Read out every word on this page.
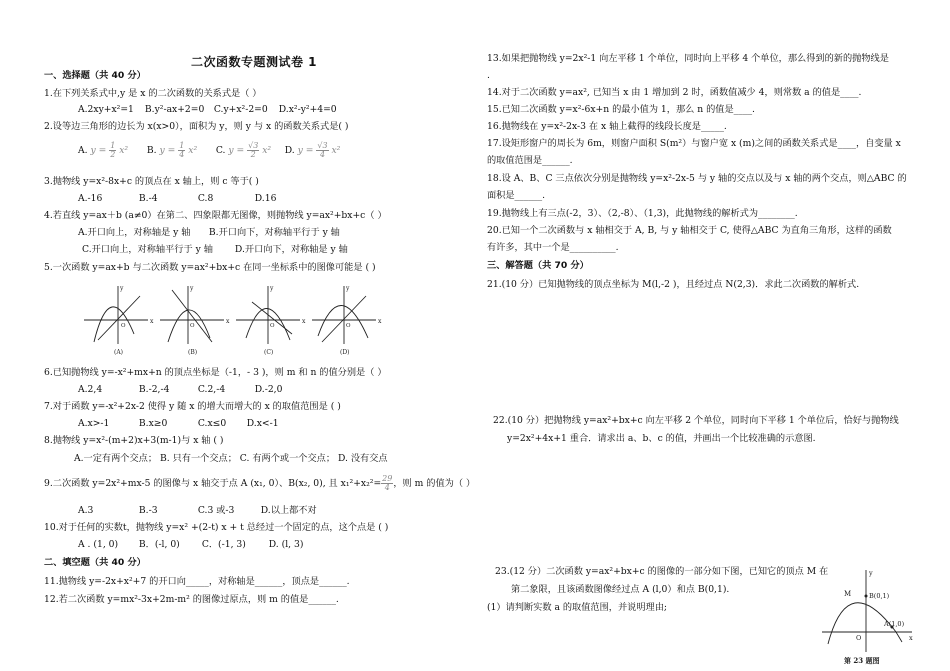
二次函数专题测试卷 1
一、选择题（共 40 分）
1.在下列关系式中,y 是 x 的二次函数的关系式是（ ）
A.2xy+x²=1 B.y²-ax+2=0 C.y+x²-2=0 D.x²-y²+4=0
2.设等边三角形的边长为 x(x>0），面积为 y，则 y 与 x 的函数关系式是( )
A. $y = \frac{1}{2} x^2$ B. $y = \frac{1}{4} x^2$ C. $y = \frac{√3}{2} x^2$ D. $y = \frac{√3}{4} x^2$
3.抛物线 y=x²-8x+c 的顶点在 x 轴上，则 c 等于( )
A.-16	B.-4	C.8	D.16
4.若直线 y=ax＋b (a≠0）在第二、四象限都无图像，则抛物线 y=ax²+bx+c（ ）
A.开口向上，对称轴是 y 轴 B.开口向下，对称轴平行于 y 轴
C.开口向上，对称轴平行于 y 轴 D.开口向下，对称轴是 y 轴
5.一次函数 y=ax+b 与二次函数 y=ax²+bx+c 在同一坐标系中的图像可能是 ( )
x
y
O
(A)
x
y
O
(B)
x
y
O
(C)
x
y
O
(D)
6.已知抛物线 y=-x²+mx+n 的顶点坐标是（-1，- 3 )，则 m 和 n 的值分别是（ ）
A.2,4	B.-2,-4	C.2,-4	D.-2,0
7.对于函数 y=-x²+2x-2 使得 y 随 x 的增大而增大的 x 的取值范围是 ( )
A.x>-1	B.x≥0	C.x≤0 D.x<-1
8.抛物线 y=x²-(m+2)x+3(m-1)与 x 轴 ( )
A.一定有两个交点； B. 只有一个交点； C. 有两个或一个交点； D. 没有交点
9.二次函数 y=2x²+mx-5 的图像与 x 轴交于点 A (x₁, 0）、B(x₂, 0), 且 $x_1^2+x_2^2= \frac{29}{4}$ ，则 m 的值为（ ）
A.3	B.-3	C.3 或-3	D.以上都不对
10.对于任何的实数t，抛物线 y=x² +(2-t) x + t 总经过一个固定的点，这个点是 ( )
A . (1, 0) B．(-l, 0) C．(-1, 3) D. (l, 3)
二、填空题（共 40 分）
11.抛物线 y=-2x+x²+7 的开口向_____，对称轴是______，顶点是______.
12.若二次函数 y=mx²-3x+2m-m² 的图像过原点，则 m 的值是______.
13.如果把抛物线 y=2x²-1 向左平移 1 个单位，同时向上平移 4 个单位，那么得到的新的抛物线是
.
14.对于二次函数 y=ax², 已知当 x 由 1 增加到 2 时，函数值减少 4，则常数 a 的值是____.
15.已知二次函数 y=x²-6x+n 的最小值为 1，那么 n 的值是____.
16.抛物线在 y=x²-2x-3 在 x 轴上截得的线段长度是_____.
17.设矩形窗户的周长为 6m，则窗户面积 S(m²）与窗户宽 x (m)之间的函数关系式是____，自变量 x
的取值范围是______.
18.设 A、B、C 三点依次分别是抛物线 y=x²-2x-5 与 y 轴的交点以及与 x 轴的两个交点，则△ABC 的
面积是______.
19.抛物线上有三点(-2，3）、（2,-8）、（1,3)，此抛物线的解析式为________.
20.已知一个二次函数与 x 轴相交于 A, B, 与 y 轴相交于 C, 使得△ABC 为直角三角形，这样的函数
有许多，其中一个是__________.
三、解答题（共 70 分）
21.(10 分）已知抛物线的顶点坐标为 M(l,-2 )，且经过点 N(2,3)．求此二次函数的解析式.
22.(10 分）把抛物线 y=ax²+bx+c 向左平移 2 个单位，同时向下平移 1 个单位后，恰好与抛物线
y=2x²+4x+1 重合．请求出 a、b、c 的值，并画出一个比较准确的示意图.
23.(12 分）二次函数 y=ax²+bx+c 的图像的一部分如下图，已知它的顶点 M 在
第二象限，且该函数图像经过点 A (l,0）和点 B(0,1).
(1）请判断实数 a 的取值范围，并说明理由;
M	B(0,1)
A(1,0)
O	x
y
第 23 题图
